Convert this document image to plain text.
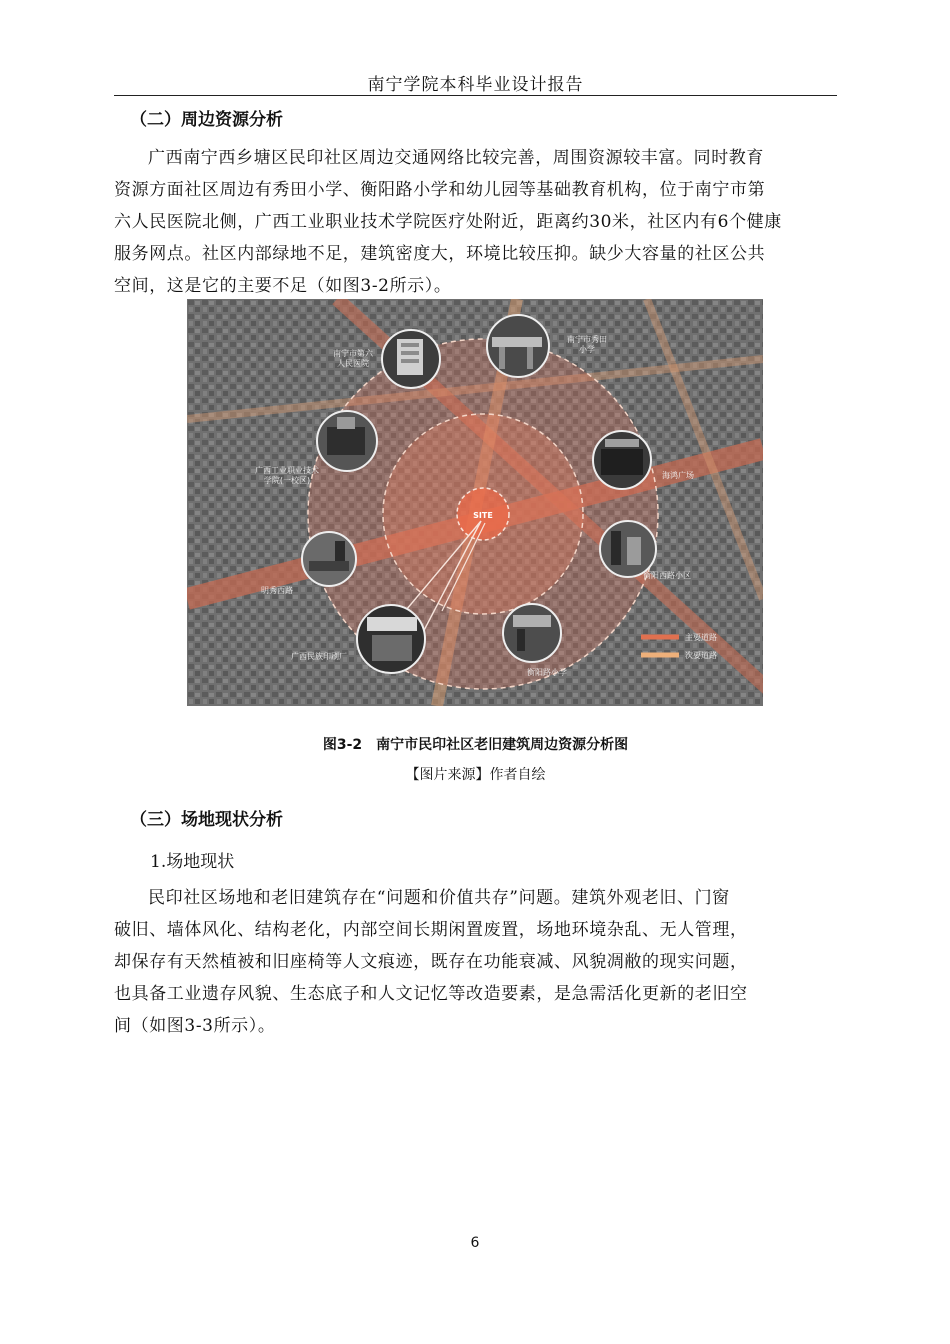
南宁学院本科毕业设计报告
（二）周边资源分析
广西南宁西乡塘区民印社区周边交通网络比较完善，周围资源较丰富。同时教育
资源方面社区周边有秀田小学、衡阳路小学和幼儿园等基础教育机构，位于南宁市第
六人民医院北侧，广西工业职业技术学院医疗处附近，距离约30米，社区内有6个健康
服务网点。社区内部绿地不足，建筑密度大，环境比较压抑。缺少大容量的社区公共
空间，这是它的主要不足（如图3-2所示）。
SITE
南宁市第六人民医院
南宁市秀田小学
广西工业职业技术学院(一校区)
海鸿广场
衡阳西路小区
明秀西路
衡阳路小学
广西民族印刷厂
主要道路
次要道路
图3-2　南宁市民印社区老旧建筑周边资源分析图
【图片来源】作者自绘
（三）场地现状分析
1.场地现状
民印社区场地和老旧建筑存在“问题和价值共存”问题。建筑外观老旧、门窗
破旧、墙体风化、结构老化，内部空间长期闲置废置，场地环境杂乱、无人管理，
却保存有天然植被和旧座椅等人文痕迹，既存在功能衰减、风貌凋敝的现实问题，
也具备工业遗存风貌、生态底子和人文记忆等改造要素，是急需活化更新的老旧空
间（如图3-3所示）。
6
